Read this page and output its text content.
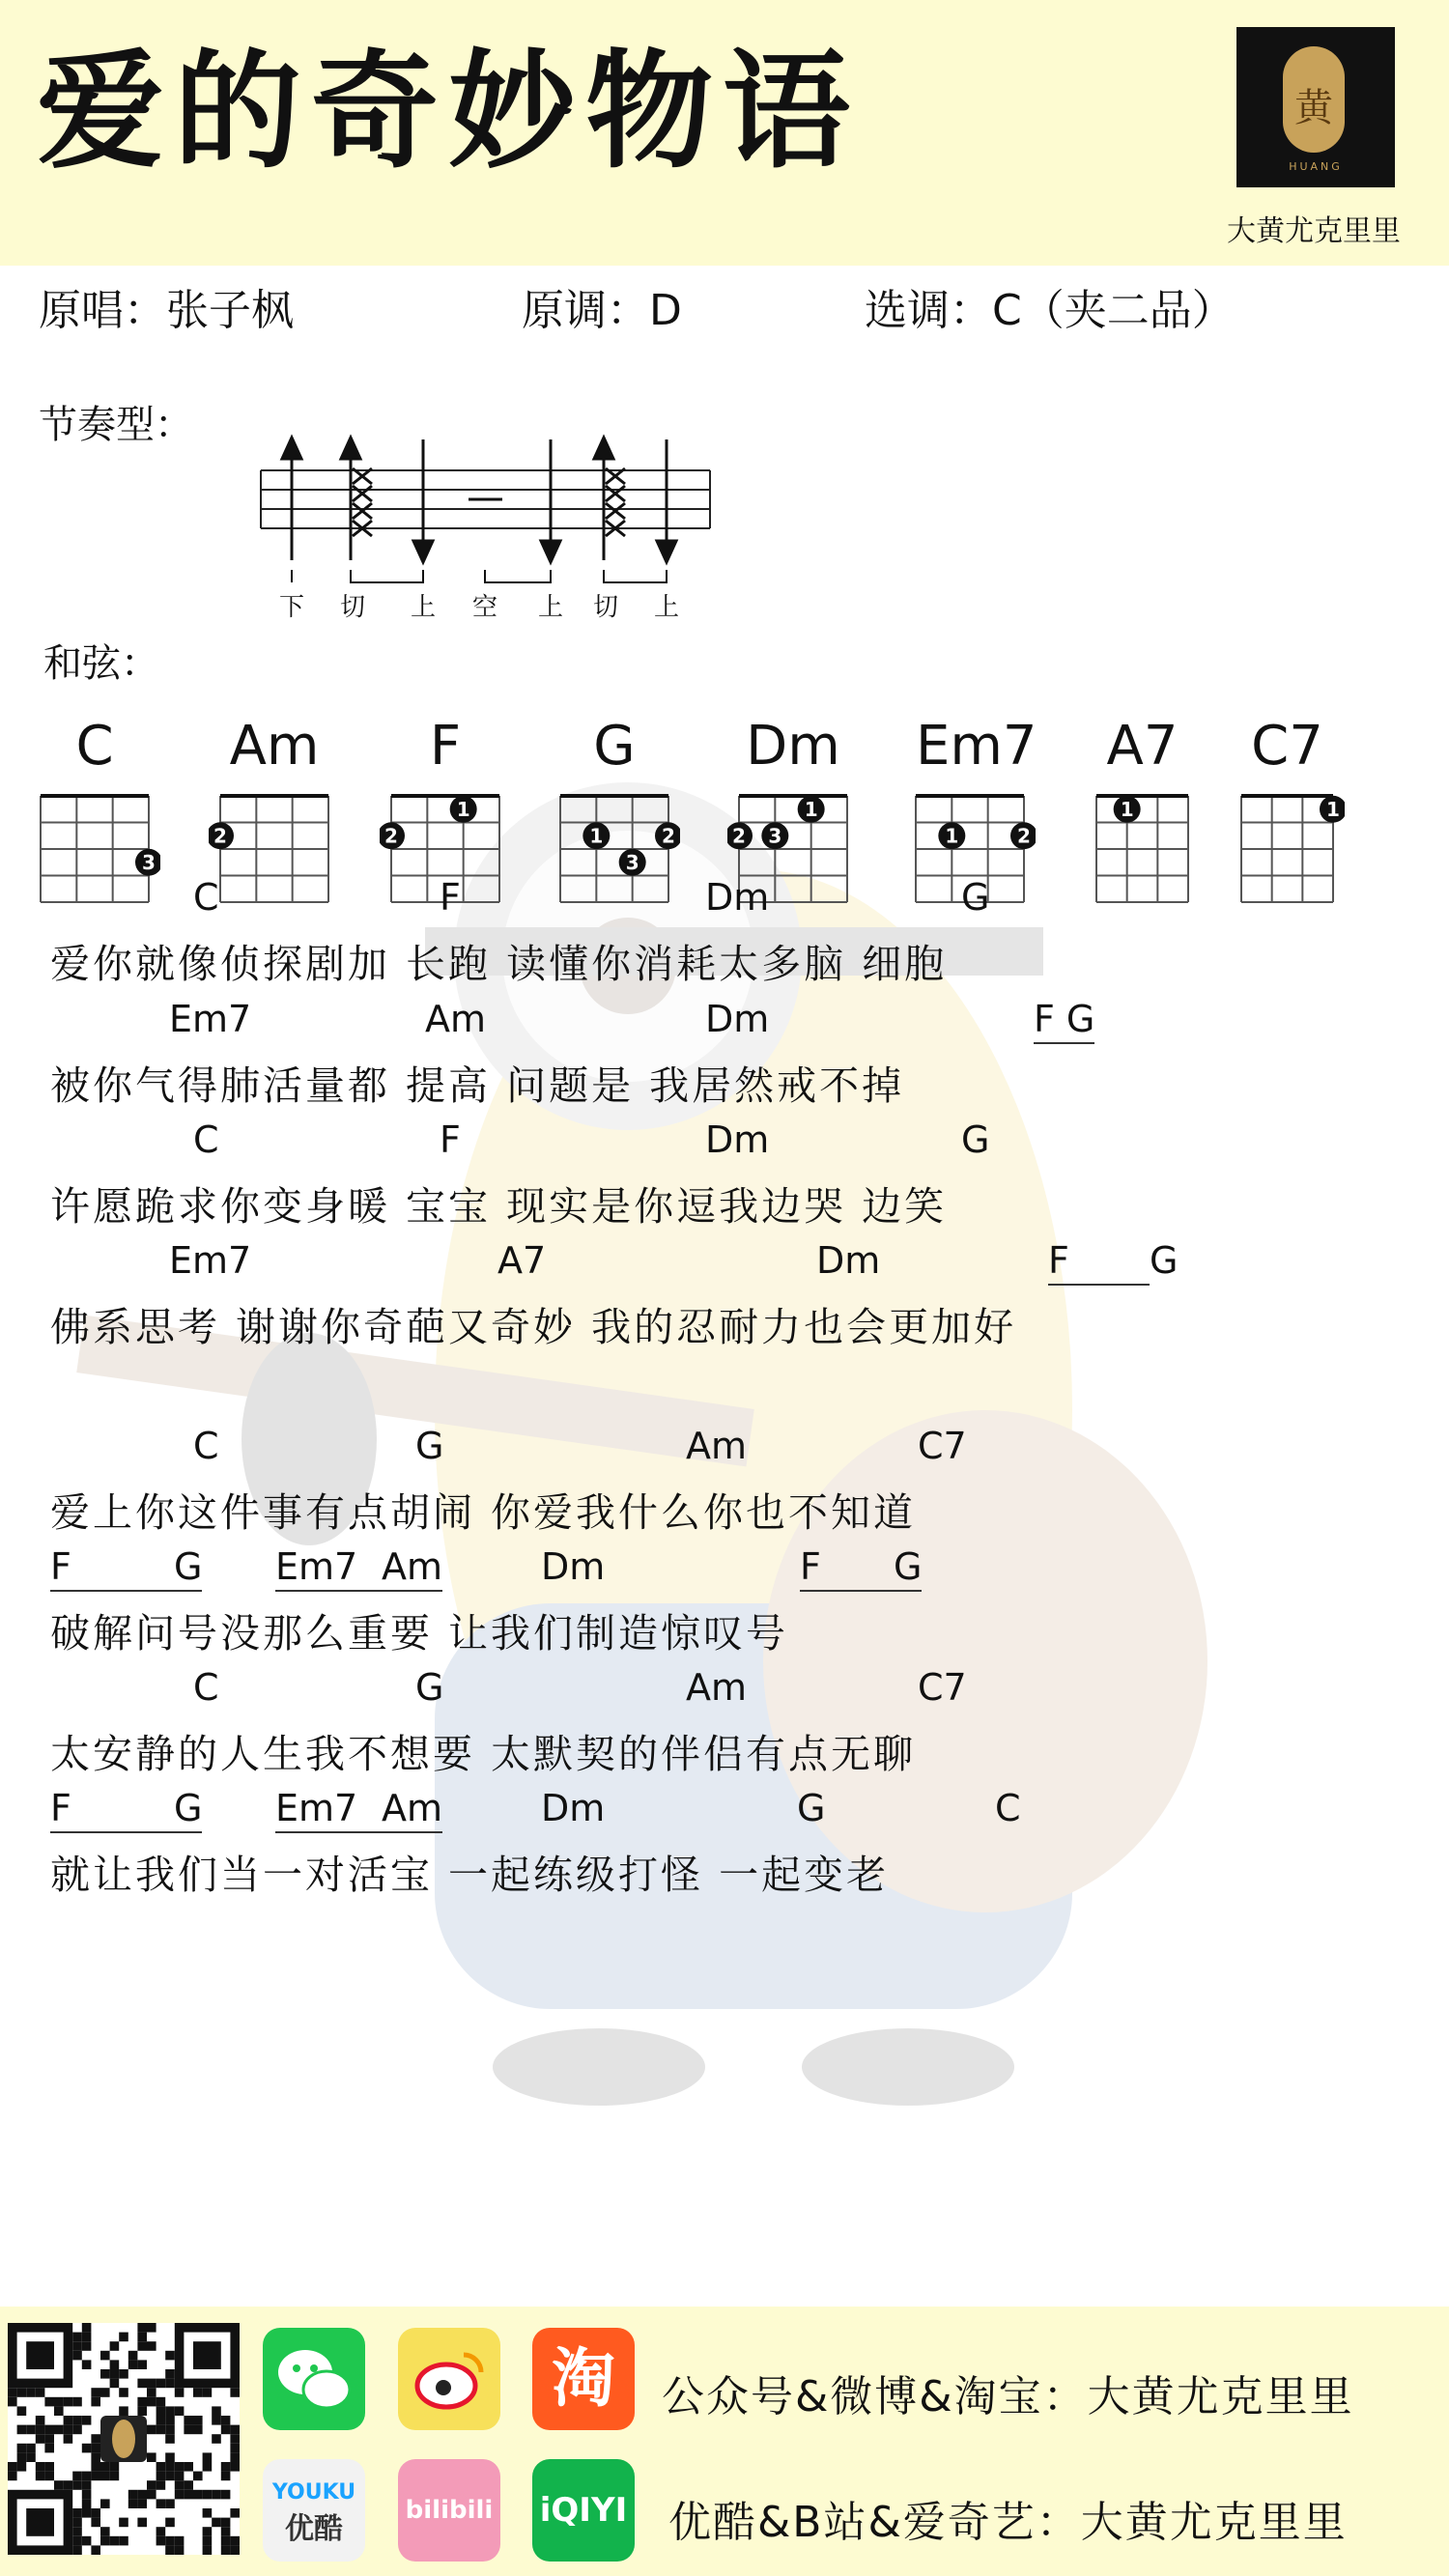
爱的奇妙物语	黄
HUANG
大黄尤克里里
原唱：张子枫	原调：D	选调：C（夹二品）
节奏型：
下 切 上 空 上 切 上
和弦：
C
3
Am
2
F
2
1
G
1	2
3
Dm
2 3
1
Em7
1	2
A7
1
C7
1
C	F	Dm	G
爱你就像侦探剧加 长跑 读懂你消耗太多脑 细胞
Em7	Am	Dm	F G
被你气得肺活量都 提高 问题是 我居然戒不掉
C	F	Dm	G
许愿跪求你变身暖 宝宝 现实是你逗我边哭 边笑
Em7	A7	Dm	F	G
佛系思考 谢谢你奇葩又奇妙 我的忍耐力也会更加好
C	G	Am	C7
爱上你这件事有点胡闹 你爱我什么你也不知道
F	G Em7 Am	Dm	F	G
破解问号没那么重要 让我们制造惊叹号
C	G	Am	C7
太安静的人生我不想要 太默契的伴侣有点无聊
F	G Em7 Am	Dm	G	C
就让我们当一对活宝 一起练级打怪 一起变老
淘
YOUKU
优酷
bilibili iQIYI
公众号&微博&淘宝：大黄尤克里里
优酷&B站&爱奇艺：大黄尤克里里
